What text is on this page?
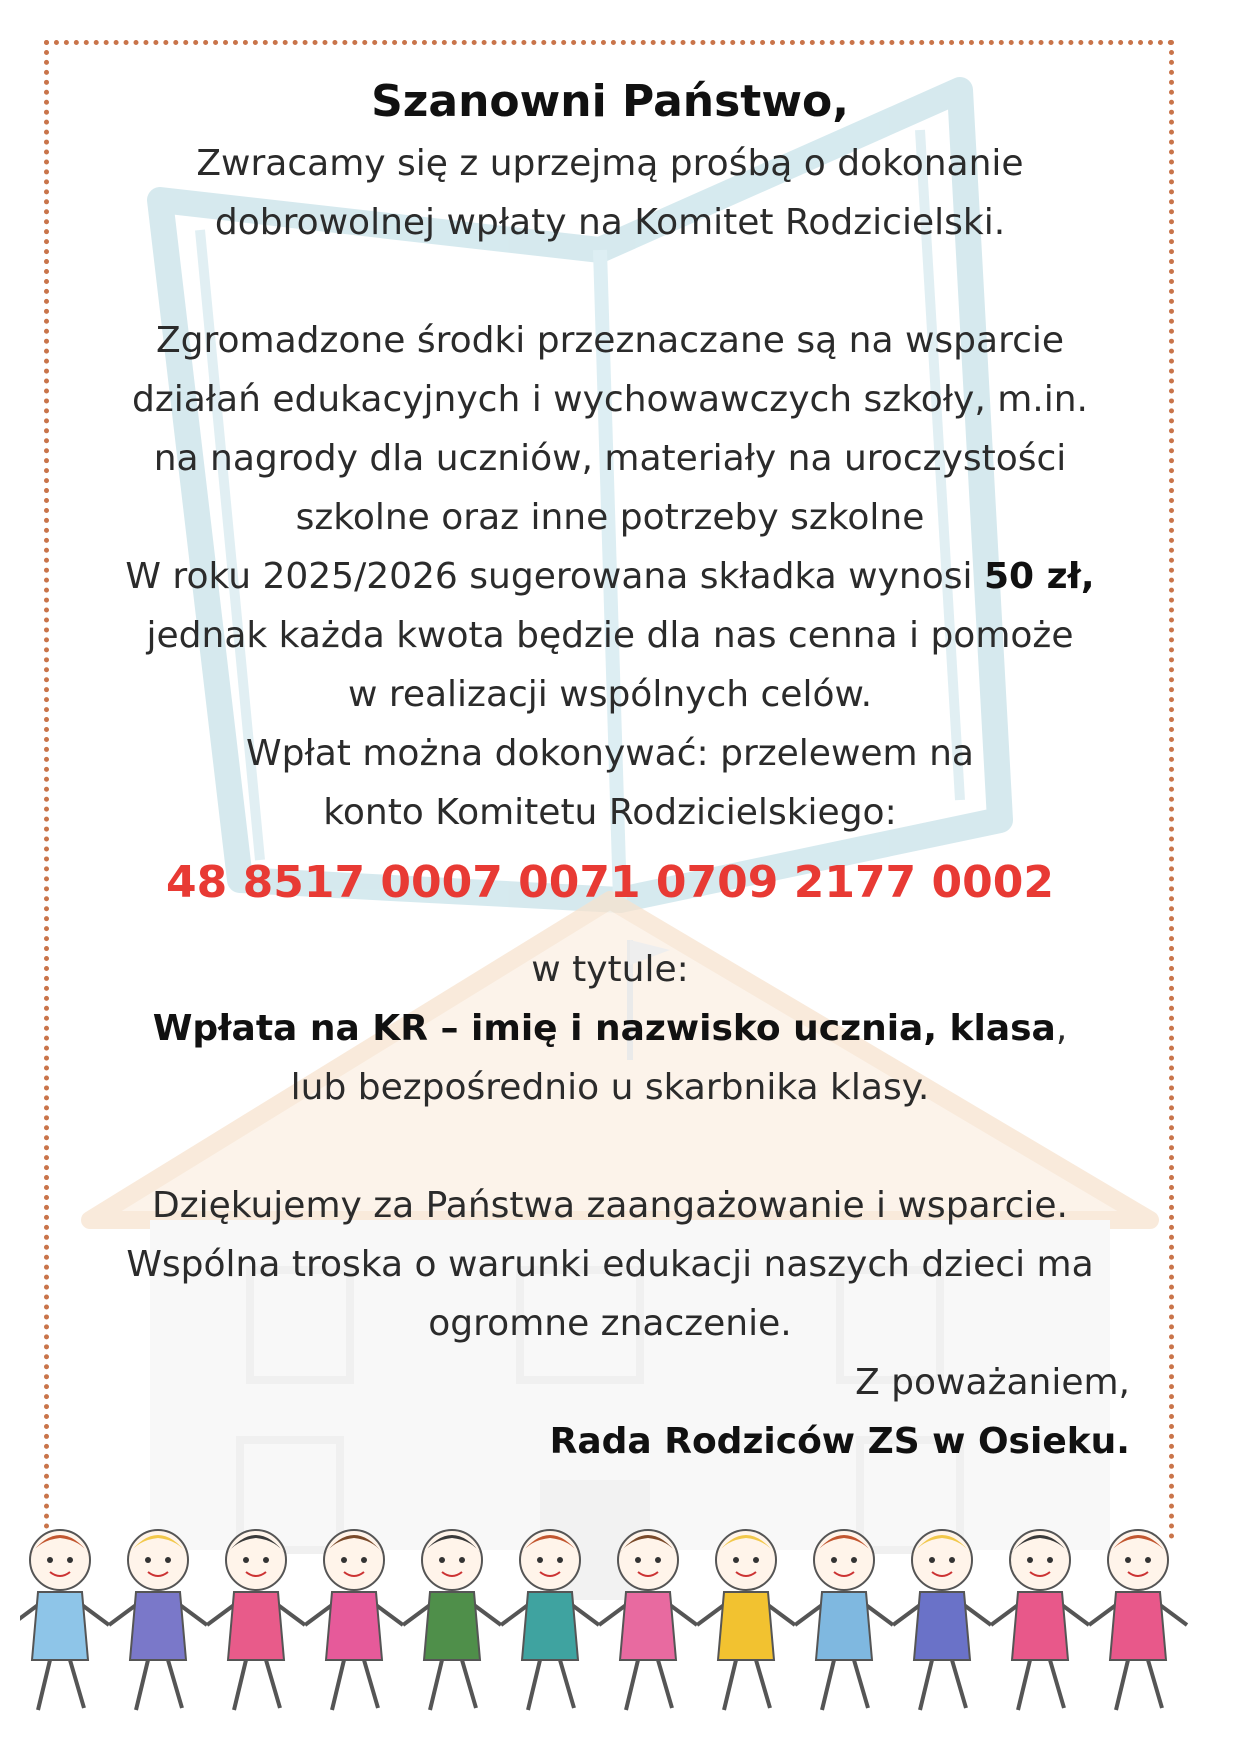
Szanowni Państwo,

Zwracamy się z uprzejmą prośbą o dokonanie

dobrowolnej wpłaty na Komitet Rodzicielski.

Zgromadzone środki przeznaczane są na wsparcie

działań edukacyjnych i wychowawczych szkoły, m.in.

na nagrody dla uczniów, materiały na uroczystości

szkolne oraz inne potrzeby szkolne

W roku 2025/2026 sugerowana składka wynosi 50 zł,

jednak każda kwota będzie dla nas cenna i pomoże

w realizacji wspólnych celów.

Wpłat można dokonywać: przelewem na

konto Komitetu Rodzicielskiego:

48 8517 0007 0071 0709 2177 0002

w tytule:

Wpłata na KR – imię i nazwisko ucznia, klasa,

lub bezpośrednio u skarbnika klasy.

Dziękujemy za Państwa zaangażowanie i wsparcie.

Wspólna troska o warunki edukacji naszych dzieci ma

ogromne znaczenie.

Z poważaniem,

Rada Rodziców ZS w Osieku.
